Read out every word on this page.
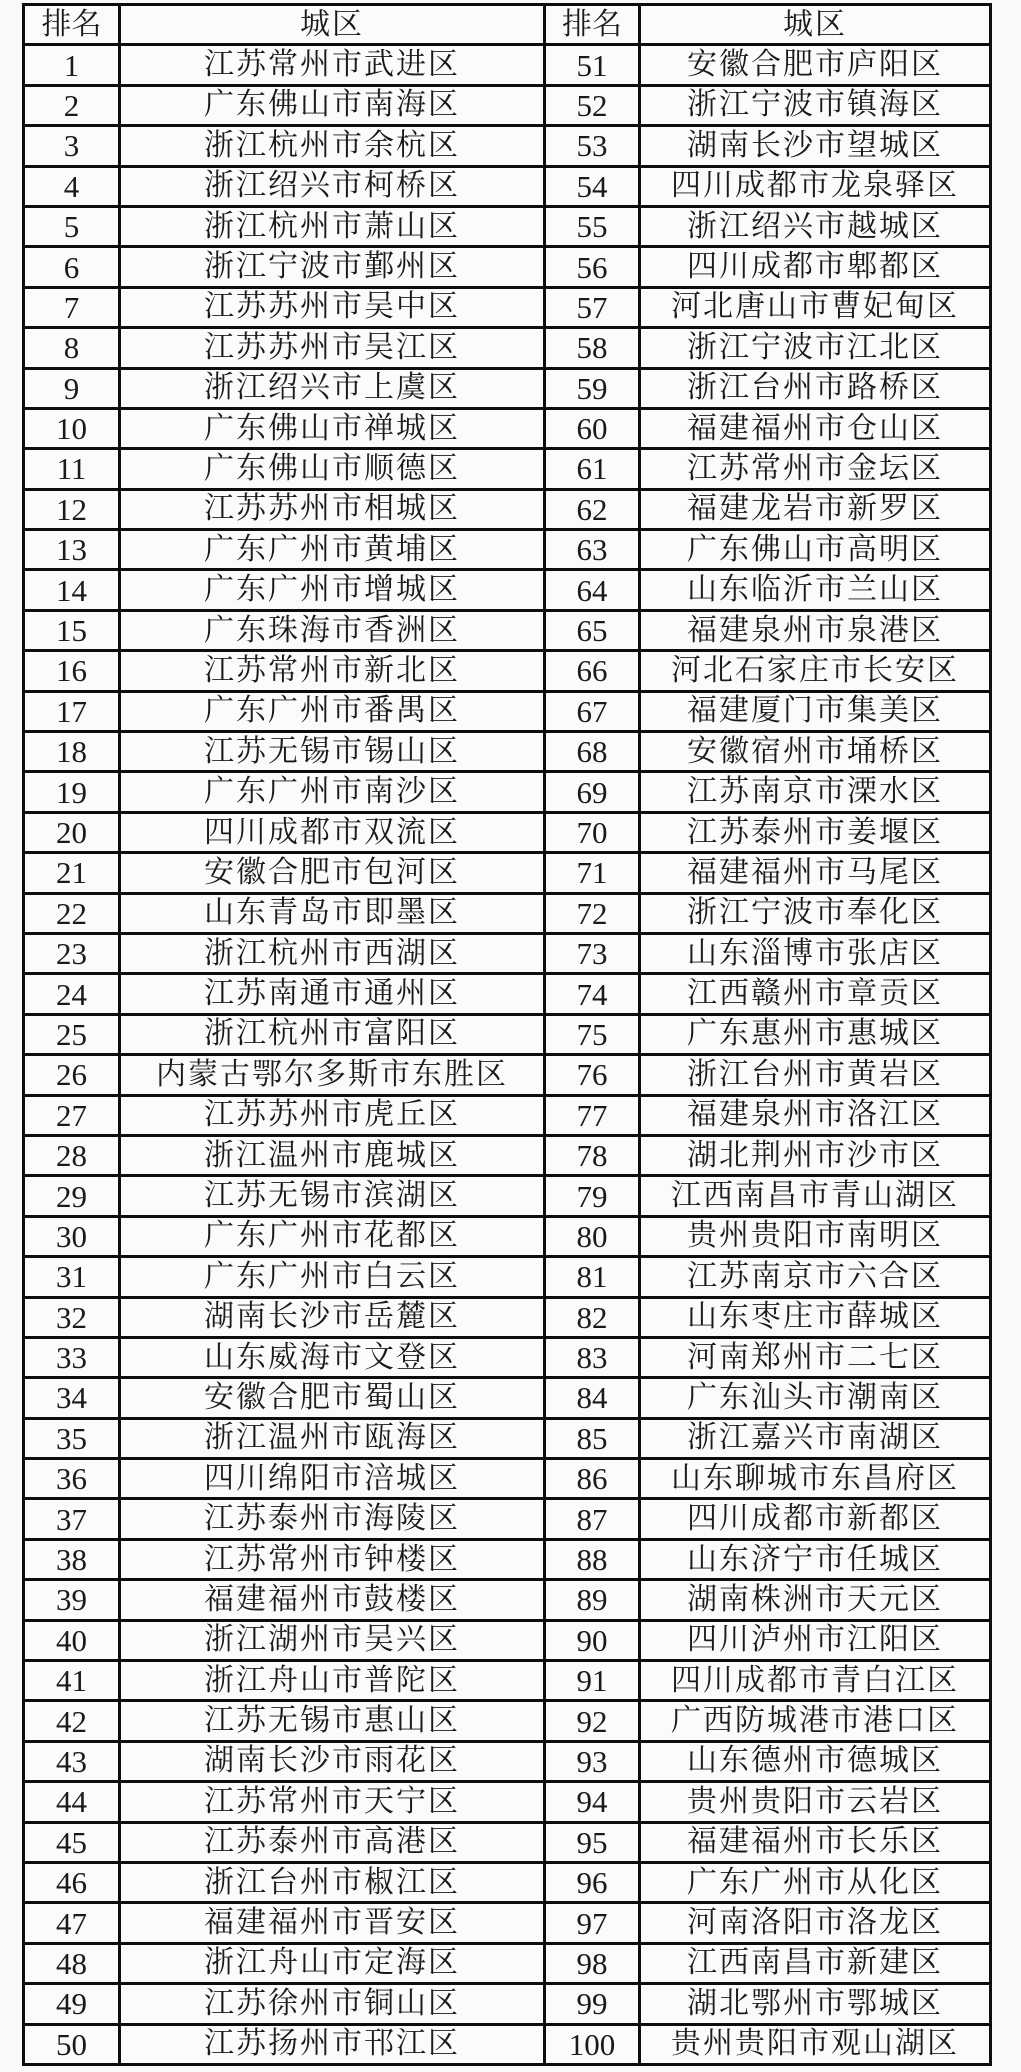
排名	城区	排名	城区
1	江苏常州市武进区	51	安徽合肥市庐阳区
2	广东佛山市南海区	52	浙江宁波市镇海区
3	浙江杭州市余杭区	53	湖南长沙市望城区
4	浙江绍兴市柯桥区	54	四川成都市龙泉驿区
5	浙江杭州市萧山区	55	浙江绍兴市越城区
6	浙江宁波市鄞州区	56	四川成都市郫都区
7	江苏苏州市吴中区	57	河北唐山市曹妃甸区
8	江苏苏州市吴江区	58	浙江宁波市江北区
9	浙江绍兴市上虞区	59	浙江台州市路桥区
10	广东佛山市禅城区	60	福建福州市仓山区
11	广东佛山市顺德区	61	江苏常州市金坛区
12	江苏苏州市相城区	62	福建龙岩市新罗区
13	广东广州市黄埔区	63	广东佛山市高明区
14	广东广州市增城区	64	山东临沂市兰山区
15	广东珠海市香洲区	65	福建泉州市泉港区
16	江苏常州市新北区	66	河北石家庄市长安区
17	广东广州市番禺区	67	福建厦门市集美区
18	江苏无锡市锡山区	68	安徽宿州市埇桥区
19	广东广州市南沙区	69	江苏南京市溧水区
20	四川成都市双流区	70	江苏泰州市姜堰区
21	安徽合肥市包河区	71	福建福州市马尾区
22	山东青岛市即墨区	72	浙江宁波市奉化区
23	浙江杭州市西湖区	73	山东淄博市张店区
24	江苏南通市通州区	74	江西赣州市章贡区
25	浙江杭州市富阳区	75	广东惠州市惠城区
26	内蒙古鄂尔多斯市东胜区	76	浙江台州市黄岩区
27	江苏苏州市虎丘区	77	福建泉州市洛江区
28	浙江温州市鹿城区	78	湖北荆州市沙市区
29	江苏无锡市滨湖区	79	江西南昌市青山湖区
30	广东广州市花都区	80	贵州贵阳市南明区
31	广东广州市白云区	81	江苏南京市六合区
32	湖南长沙市岳麓区	82	山东枣庄市薛城区
33	山东威海市文登区	83	河南郑州市二七区
34	安徽合肥市蜀山区	84	广东汕头市潮南区
35	浙江温州市瓯海区	85	浙江嘉兴市南湖区
36	四川绵阳市涪城区	86	山东聊城市东昌府区
37	江苏泰州市海陵区	87	四川成都市新都区
38	江苏常州市钟楼区	88	山东济宁市任城区
39	福建福州市鼓楼区	89	湖南株洲市天元区
40	浙江湖州市吴兴区	90	四川泸州市江阳区
41	浙江舟山市普陀区	91	四川成都市青白江区
42	江苏无锡市惠山区	92	广西防城港市港口区
43	湖南长沙市雨花区	93	山东德州市德城区
44	江苏常州市天宁区	94	贵州贵阳市云岩区
45	江苏泰州市高港区	95	福建福州市长乐区
46	浙江台州市椒江区	96	广东广州市从化区
47	福建福州市晋安区	97	河南洛阳市洛龙区
48	浙江舟山市定海区	98	江西南昌市新建区
49	江苏徐州市铜山区	99	湖北鄂州市鄂城区
50	江苏扬州市邗江区	100	贵州贵阳市观山湖区
